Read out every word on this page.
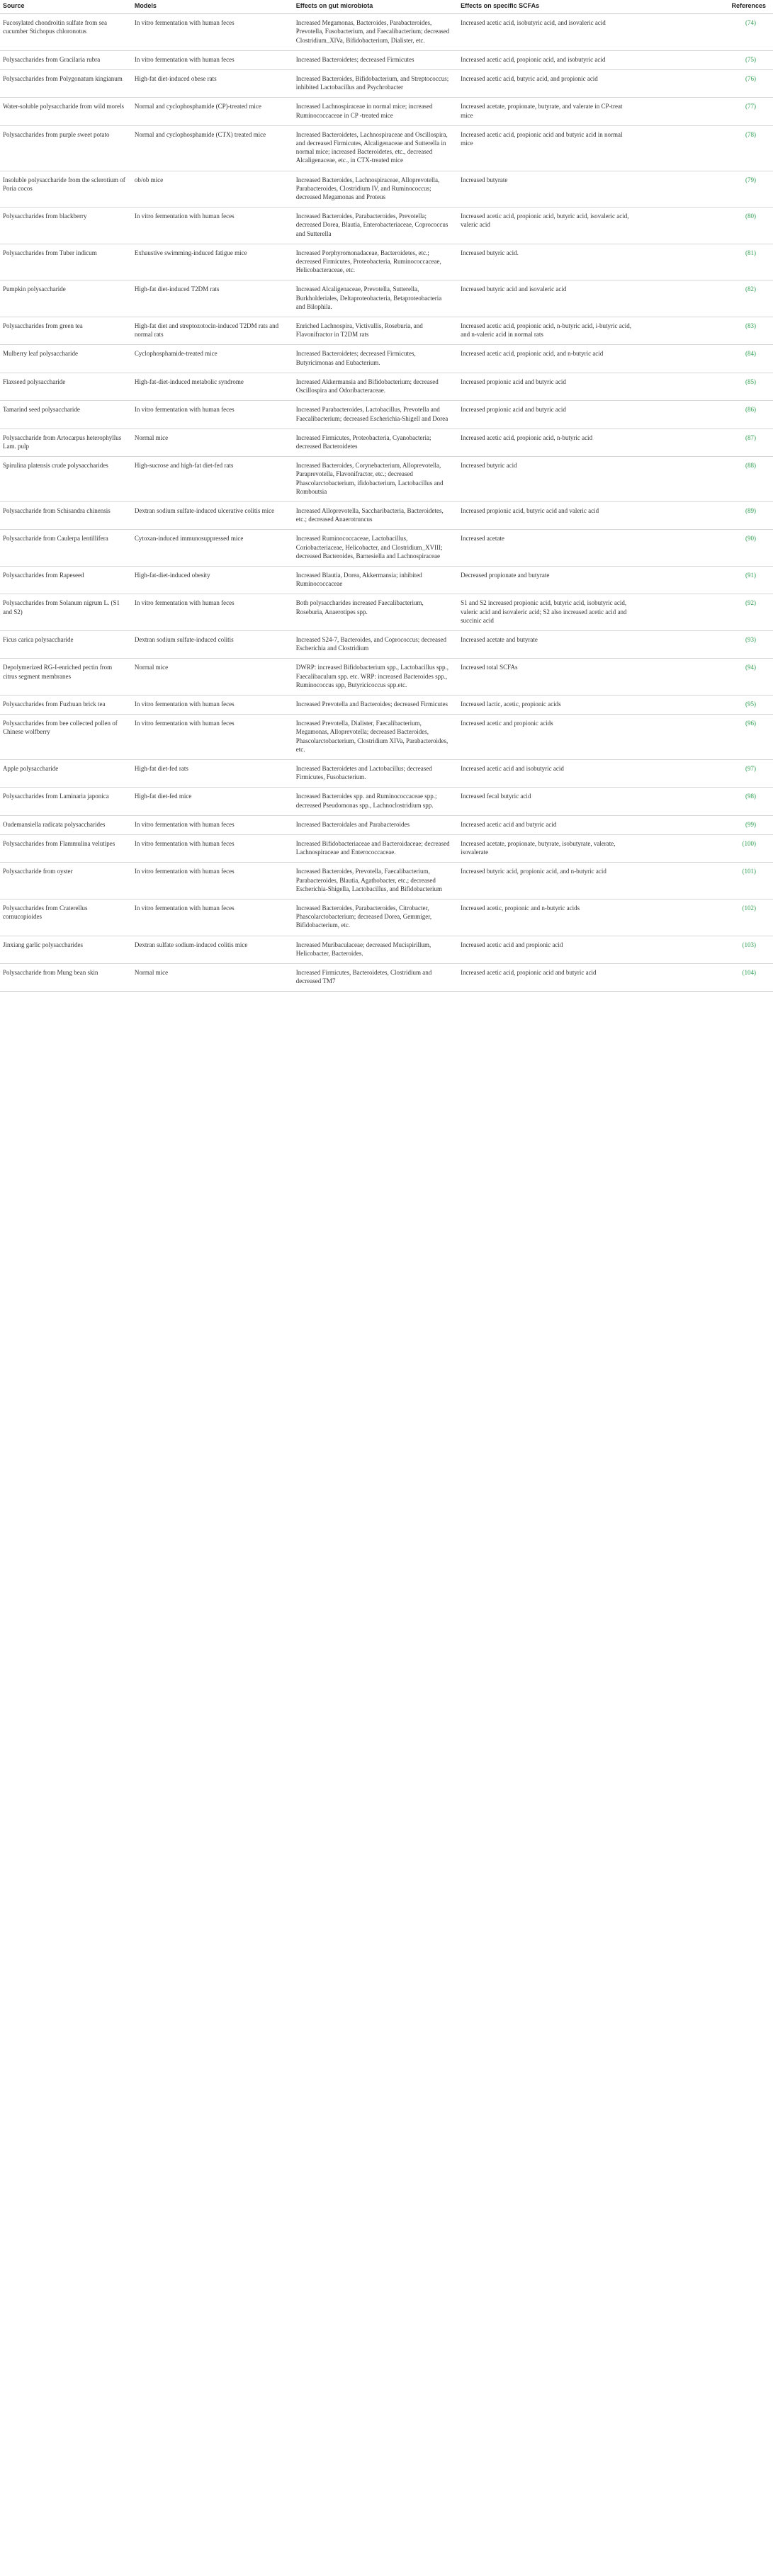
Source	Models	Effects on gut microbiota	Effects on specific SCFAs	References
Fucosylated chondroitin sulfate from sea cucumber Stichopus chloronotus	In vitro fermentation with human feces	Increased Megamonas, Bacteroides, Parabacteroides, Prevotella, Fusobacterium, and Faecalibacterium; decreased Clostridium_XlVa, Bifidobacterium, Dialister, etc.	Increased acetic acid, isobutyric acid, and isovaleric acid	(74)
Polysaccharides from Gracilaria rubra	In vitro fermentation with human feces	Increased Bacteroidetes; decreased Firmicutes	Increased acetic acid, propionic acid, and isobutyric acid	(75)
Polysaccharides from Polygonatum kingianum	High-fat diet-induced obese rats	Increased Bacteroides, Bifidobacterium, and Streptococcus; inhibited Lactobacillus and Psychrobacter	Increased acetic acid, butyric acid, and propionic acid	(76)
Water-soluble polysaccharide from wild morels	Normal and cyclophosphamide (CP)-treated mice	Increased Lachnospiraceae in normal mice; increased Ruminococcaceae in CP -treated mice	Increased acetate, propionate, butyrate, and valerate in CP-treat mice	(77)
Polysaccharides from purple sweet potato	Normal and cyclophosphamide (CTX) treated mice	Increased Bacteroidetes, Lachnospiraceae and Oscillospira, and decreased Firmicutes, Alcaligenaceae and Sutterella in normal mice; increased Bacteroidetes, etc., decreased Alcaligenaceae, etc., in CTX-treated mice	Increased acetic acid, propionic acid and butyric acid in normal mice	(78)
Insoluble polysaccharide from the sclerotium of Poria cocos	ob/ob mice	Increased Bacteroides, Lachnospiraceae, Alloprevotella, Parabacteroides, Clostridium IV, and Ruminococcus; decreased Megamonas and Proteus	Increased butyrate	(79)
Polysaccharides from blackberry	In vitro fermentation with human feces	Increased Bacteroides, Parabacteroides, Prevotella; decreased Dorea, Blautia, Enterobacteriaceae, Coprococcus and Sutterella	Increased acetic acid, propionic acid, butyric acid, isovaleric acid, valeric acid	(80)
Polysaccharides from Tuber indicum	Exhaustive swimming-induced fatigue mice	Increased Porphyromonadaceae, Bacteroidetes, etc.; decreased Firmicutes, Proteobacteria, Ruminococcaceae, Helicobacteraceae, etc.	Increased butyric acid.	(81)
Pumpkin polysaccharide	High-fat diet-induced T2DM rats	Increased Alcaligenaceae, Prevotella, Sutterella, Burkholderiales, Deltaproteobacteria, Betaproteobacteria and Bilophila.	Increased butyric acid and isovaleric acid	(82)
Polysaccharides from green tea	High-fat diet and streptozotocin-induced T2DM rats and normal rats	Enriched Lachnospira, Victivallis, Roseburia, and Flavonifractor in T2DM rats	Increased acetic acid, propionic acid, n-butyric acid, i-butyric acid, and n-valeric acid in normal rats	(83)
Mulberry leaf polysaccharide	Cyclophosphamide-treated mice	Increased Bacteroidetes; decreased Firmicutes, Butyricimonas and Eubacterium.	Increased acetic acid, propionic acid, and n-butyric acid	(84)
Flaxseed polysaccharide	High-fat-diet-induced metabolic syndrome	Increased Akkermansia and Bifidobacterium; decreased Oscillospira and Odoribacteraceae.	Increased propionic acid and butyric acid	(85)
Tamarind seed polysaccharide	In vitro fermentation with human feces	Increased Parabacteroides, Lactobacillus, Prevotella and Faecalibacterium; decreased Escherichia-Shigell and Dorea	Increased propionic acid and butyric acid	(86)
Polysaccharide from Artocarpus heterophyllus Lam. pulp	Normal mice	Increased Firmicutes, Proteobacteria, Cyanobacteria; decreased Bacteroidetes	Increased acetic acid, propionic acid, n-butyric acid	(87)
Spirulina platensis crude polysaccharides	High-sucrose and high-fat diet-fed rats	Increased Bacteroides, Corynebacterium, Alloprevotella, Paraprevotella, Flavonifractor, etc.; decreased Phascolarctobacterium, ifidobacterium, Lactobacillus and Romboutsia	Increased butyric acid	(88)
Polysaccharide from Schisandra chinensis	Dextran sodium sulfate-induced ulcerative colitis mice	Increased Alloprevotella, Saccharibacteria, Bacteroidetes, etc.; decreased Anaerotruncus	Increased propionic acid, butyric acid and valeric acid	(89)
Polysaccharide from Caulerpa lentillifera	Cytoxan-induced immunosuppressed mice	Increased Ruminococcaceae, Lactobacillus, Coriobacteriaceae, Helicobacter, and Clostridium_XVIII; decreased Bacteroides, Barnesiella and Lachnospiraceae	Increased acetate	(90)
Polysaccharides from Rapeseed	High-fat-diet-induced obesity	Increased Blautia, Dorea, Akkermansia; inhibited Ruminococcaceae	Decreased propionate and butyrate	(91)
Polysaccharides from Solanum nigrum L. (S1 and S2)	In vitro fermentation with human feces	Both polysaccharides increased Faecalibacterium, Roseburia, Anaerotipes spp.	S1 and S2 increased propionic acid, butyric acid, isobutyric acid, valeric acid and isovaleric acid; S2 also increased acetic acid and succinic acid	(92)
Ficus carica polysaccharide	Dextran sodium sulfate-induced colitis	Increased S24-7, Bacteroides, and Coprococcus; decreased Escherichia and Clostridium	Increased acetate and butyrate	(93)
Depolymerized RG-I-enriched pectin from citrus segment membranes	Normal mice	DWRP: increased Bifidobacterium spp., Lactobacillus spp., Faecalibaculum spp. etc. WRP: increased Bacteroides spp., Ruminococcus spp, Butyricicoccus spp.etc.	Increased total SCFAs	(94)
Polysaccharides from Fuzhuan brick tea	In vitro fermentation with human feces	Increased Prevotella and Bacteroides; decreased Firmicutes	Increased lactic, acetic, propionic acids	(95)
Polysaccharides from bee collected pollen of Chinese wolfberry	In vitro fermentation with human feces	Increased Prevotella, Dialister, Faecalibacterium, Megamonas, Alloprevotella; decreased Bacteroides, Phascolarctobacterium, Clostridium XIVa, Parabacteroides, etc.	Increased acetic and propionic acids	(96)
Apple polysaccharide	High-fat diet-fed rats	Increased Bacteroidetes and Lactobacillus; decreased Firmicutes, Fusobacterium.	Increased acetic acid and isobutyric acid	(97)
Polysaccharides from Laminaria japonica	High-fat diet-fed mice	Increased Bacteroides spp. and Ruminococcaceae spp.; decreased Pseudomonas spp., Lachnoclostridium spp.	Increased fecal butyric acid	(98)
Oudemansiella radicata polysaccharides	In vitro fermentation with human feces	Increased Bacteroidales and Parabacteroides	Increased acetic acid and butyric acid	(99)
Polysaccharides from Flammulina velutipes	In vitro fermentation with human feces	Increased Bifidobacteriaceae and Bacteroidaceae; decreased Lachnospiraceae and Enterococcaceae.	Increased acetate, propionate, butyrate, isobutyrate, valerate, isovalerate	(100)
Polysaccharide from oyster	In vitro fermentation with human feces	Increased Bacteroides, Prevotella, Faecalibacterium, Parabacteroides, Blautia, Agathobacter, etc.; decreased Escherichia-Shigella, Lactobacillus, and Bifidobacterium	Increased butyric acid, propionic acid, and n-butyric acid	(101)
Polysaccharides from Craterellus cornucopioides	In vitro fermentation with human feces	Increased Bacteroides, Parabacteroides, Citrobacter, Phascolarctobacterium; decreased Dorea, Gemmiger, Bifidobacterium, etc.	Increased acetic, propionic and n-butyric acids	(102)
Jinxiang garlic polysaccharides	Dextran sulfate sodium-induced colitis mice	Increased Muribaculaceae; decreased Mucispirillum, Helicobacter, Bacteroides.	Increased acetic acid and propionic acid	(103)
Polysaccharide from Mung bean skin	Normal mice	Increased Firmicutes, Bacteroidetes, Clostridium and decreased TM7	Increased acetic acid, propionic acid and butyric acid	(104)
